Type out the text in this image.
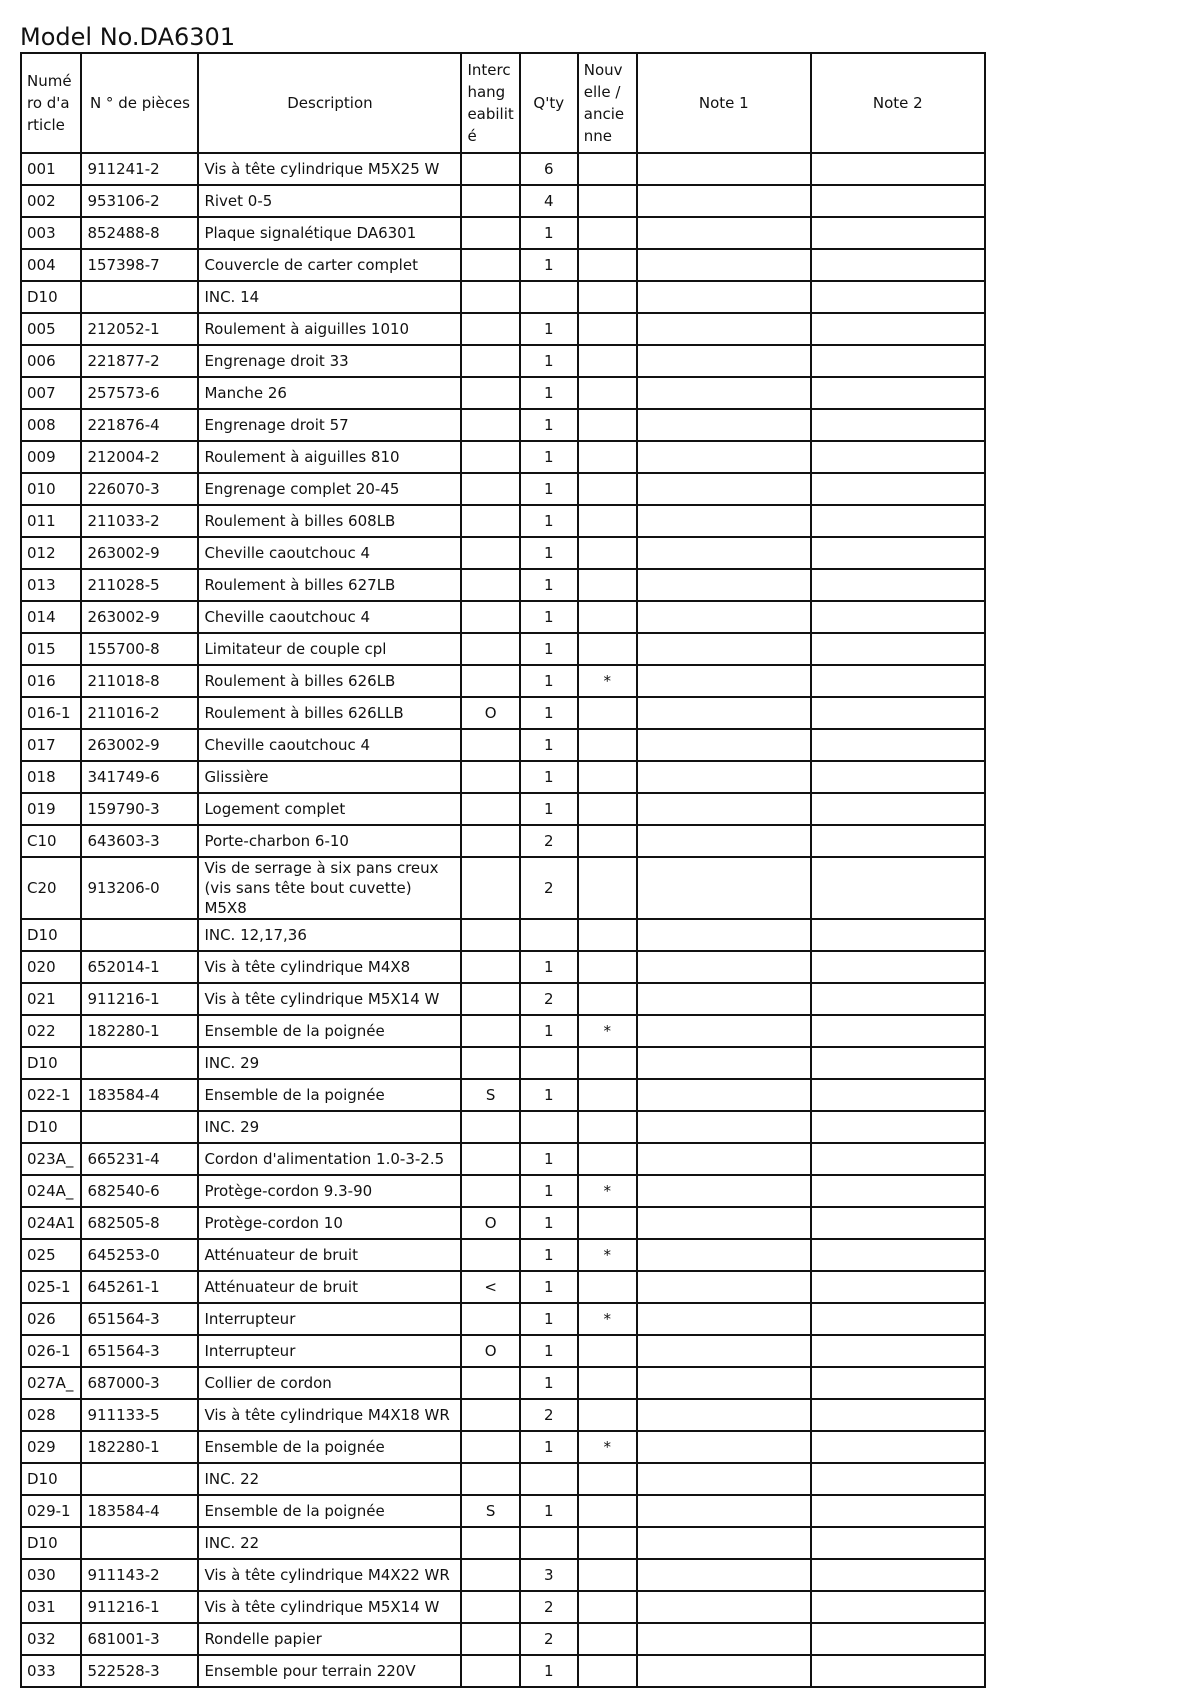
Model No.DA6301
Numé ro d'a rticle	N ° de pièces	Description	Interc hang eabilit é	Q'ty	Nouv elle / ancie nne	Note 1	Note 2
001	911241-2	Vis à tête cylindrique M5X25 W		6			
002	953106-2	Rivet 0-5		4			
003	852488-8	Plaque signalétique DA6301		1			
004	157398-7	Couvercle de carter complet		1			
D10		INC. 14					
005	212052-1	Roulement à aiguilles 1010		1			
006	221877-2	Engrenage droit 33		1			
007	257573-6	Manche 26		1			
008	221876-4	Engrenage droit 57		1			
009	212004-2	Roulement à aiguilles 810		1			
010	226070-3	Engrenage complet 20-45		1			
011	211033-2	Roulement à billes 608LB		1			
012	263002-9	Cheville caoutchouc 4		1			
013	211028-5	Roulement à billes 627LB		1			
014	263002-9	Cheville caoutchouc 4		1			
015	155700-8	Limitateur de couple cpl		1			
016	211018-8	Roulement à billes 626LB		1	*		
016-1	211016-2	Roulement à billes 626LLB	O	1			
017	263002-9	Cheville caoutchouc 4		1			
018	341749-6	Glissière		1			
019	159790-3	Logement complet		1			
C10	643603-3	Porte-charbon 6-10		2			
C20	913206-0	Vis de serrage à six pans creux (vis sans tête bout cuvette) M5X8		2			
D10		INC. 12,17,36					
020	652014-1	Vis à tête cylindrique M4X8		1			
021	911216-1	Vis à tête cylindrique M5X14 W		2			
022	182280-1	Ensemble de la poignée		1	*		
D10		INC. 29					
022-1	183584-4	Ensemble de la poignée	S	1			
D10		INC. 29					
023A_	665231-4	Cordon d'alimentation 1.0-3-2.5		1			
024A_	682540-6	Protège-cordon 9.3-90		1	*		
024A1	682505-8	Protège-cordon 10	O	1			
025	645253-0	Atténuateur de bruit		1	*		
025-1	645261-1	Atténuateur de bruit	<	1			
026	651564-3	Interrupteur		1	*		
026-1	651564-3	Interrupteur	O	1			
027A_	687000-3	Collier de cordon		1			
028	911133-5	Vis à tête cylindrique M4X18 WR		2			
029	182280-1	Ensemble de la poignée		1	*		
D10		INC. 22					
029-1	183584-4	Ensemble de la poignée	S	1			
D10		INC. 22					
030	911143-2	Vis à tête cylindrique M4X22 WR		3			
031	911216-1	Vis à tête cylindrique M5X14 W		2			
032	681001-3	Rondelle papier		2			
033	522528-3	Ensemble pour terrain 220V		1			
